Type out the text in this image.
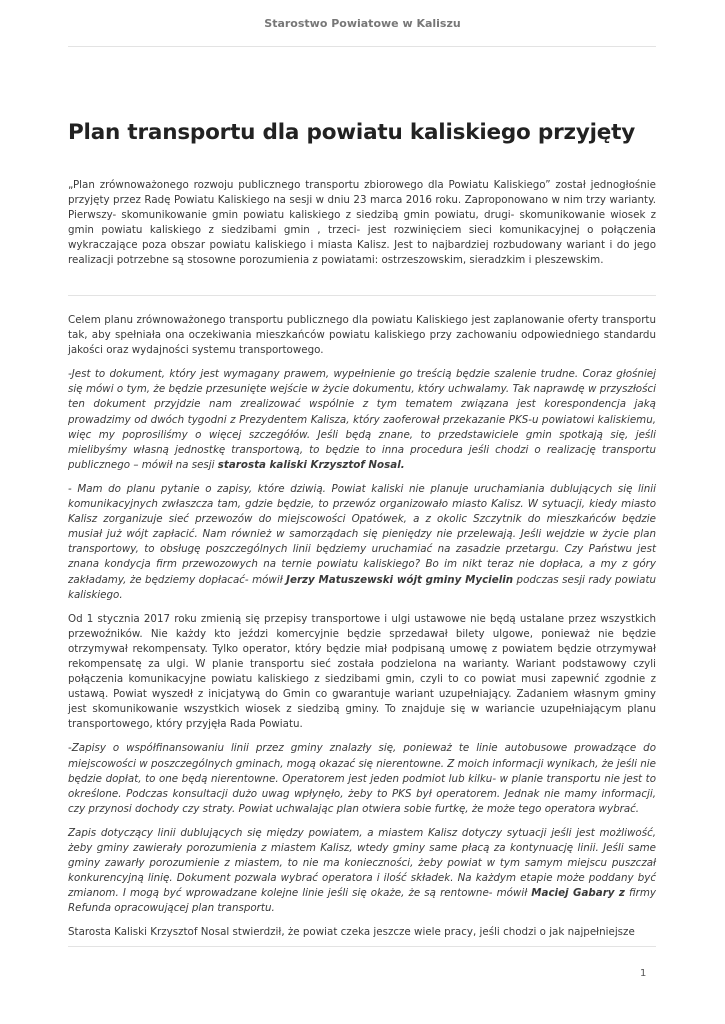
Starostwo Powiatowe w Kaliszu
Plan transportu dla powiatu kaliskiego przyjęty

„Plan zrównoważonego rozwoju publicznego transportu zbiorowego dla Powiatu Kaliskiego” został jednogłośnie przyjęty przez Radę Powiatu Kaliskiego na sesji w dniu 23 marca 2016 roku. Zaproponowano w nim trzy warianty. Pierwszy- skomunikowanie gmin powiatu kaliskiego z siedzibą gmin powiatu, drugi- skomunikowanie wiosek z gmin powiatu kaliskiego z siedzibami gmin , trzeci- jest rozwinięciem sieci komunikacyjnej o połączenia wykraczające poza obszar powiatu kaliskiego i miasta Kalisz. Jest to najbardziej rozbudowany wariant i do jego realizacji potrzebne są stosowne porozumienia z powiatami: ostrzeszowskim, sieradzkim i pleszewskim.

Celem planu zrównoważonego transportu publicznego dla powiatu Kaliskiego jest zaplanowanie oferty transportu tak, aby spełniała ona oczekiwania mieszkańców powiatu kaliskiego przy zachowaniu odpowiedniego standardu jakości oraz wydajności systemu transportowego.

-Jest to dokument, który jest wymagany prawem, wypełnienie go treścią będzie szalenie trudne. Coraz głośniej się mówi o tym, że będzie przesunięte wejście w życie dokumentu, który uchwalamy. Tak naprawdę w przyszłości ten dokument przyjdzie nam zrealizować wspólnie z tym tematem związana jest korespondencja jaką prowadzimy od dwóch tygodni z Prezydentem Kalisza, który zaoferował przekazanie PKS-u powiatowi kaliskiemu, więc my poprosiliśmy o więcej szczegółów. Jeśli będą znane, to przedstawiciele gmin spotkają się, jeśli mielibyśmy własną jednostkę transportową, to będzie to inna procedura jeśli chodzi o realizację transportu publicznego – mówił na sesji starosta kaliski Krzysztof Nosal.

- Mam do planu pytanie o zapisy, które dziwią. Powiat kaliski nie planuje uruchamiania dublujących się linii komunikacyjnych zwłaszcza tam, gdzie będzie, to przewóz organizowało miasto Kalisz. W sytuacji, kiedy miasto Kalisz zorganizuje sieć przewozów do miejscowości Opatówek, a z okolic Szczytnik do mieszkańców będzie musiał już wójt zapłacić. Nam również w samorządach się pieniędzy nie przelewają. Jeśli wejdzie w życie plan transportowy, to obsługę poszczególnych linii będziemy uruchamiać na zasadzie przetargu. Czy Państwu jest znana kondycja firm przewozowych na ternie powiatu kaliskiego? Bo im nikt teraz nie dopłaca, a my z góry zakładamy, że będziemy dopłacać- mówił Jerzy Matuszewski wójt gminy Mycielin podczas sesji rady powiatu kaliskiego.

Od 1 stycznia 2017 roku zmienią się przepisy transportowe i ulgi ustawowe nie będą ustalane przez wszystkich przewoźników. Nie każdy kto jeździ komercyjnie będzie sprzedawał bilety ulgowe, ponieważ nie będzie otrzymywał rekompensaty. Tylko operator, który będzie miał podpisaną umowę z powiatem będzie otrzymywał rekompensatę za ulgi. W planie transportu sieć została podzielona na warianty. Wariant podstawowy czyli połączenia komunikacyjne powiatu kaliskiego z siedzibami gmin, czyli to co powiat musi zapewnić zgodnie z ustawą. Powiat wyszedł z inicjatywą do Gmin co gwarantuje wariant uzupełniający. Zadaniem własnym gminy jest skomunikowanie wszystkich wiosek z siedzibą gminy. To znajduje się w wariancie uzupełniającym planu transportowego, który przyjęła Rada Powiatu.

-Zapisy o współfinansowaniu linii przez gminy znalazły się, ponieważ te linie autobusowe prowadzące do miejscowości w poszczególnych gminach, mogą okazać się nierentowne. Z moich informacji wynikach, że jeśli nie będzie dopłat, to one będą nierentowne. Operatorem jest jeden podmiot lub kilku- w planie transportu nie jest to określone. Podczas konsultacji dużo uwag wpłynęło, żeby to PKS był operatorem. Jednak nie mamy informacji, czy przynosi dochody czy straty. Powiat uchwalając plan otwiera sobie furtkę, że może tego operatora wybrać.

Zapis dotyczący linii dublujących się między powiatem, a miastem Kalisz dotyczy sytuacji jeśli jest możliwość, żeby gminy zawierały porozumienia z miastem Kalisz, wtedy gminy same płacą za kontynuację linii. Jeśli same gminy zawarły porozumienie z miastem, to nie ma konieczności, żeby powiat w tym samym miejscu puszczał konkurencyjną linię. Dokument pozwala wybrać operatora i ilość składek. Na każdym etapie może poddany być zmianom. I mogą być wprowadzane kolejne linie jeśli się okaże, że są rentowne- mówił Maciej Gabary z firmy Refunda opracowującej plan transportu.

Starosta Kaliski Krzysztof Nosal stwierdził, że powiat czeka jeszcze wiele pracy, jeśli chodzi o jak najpełniejsze

1
